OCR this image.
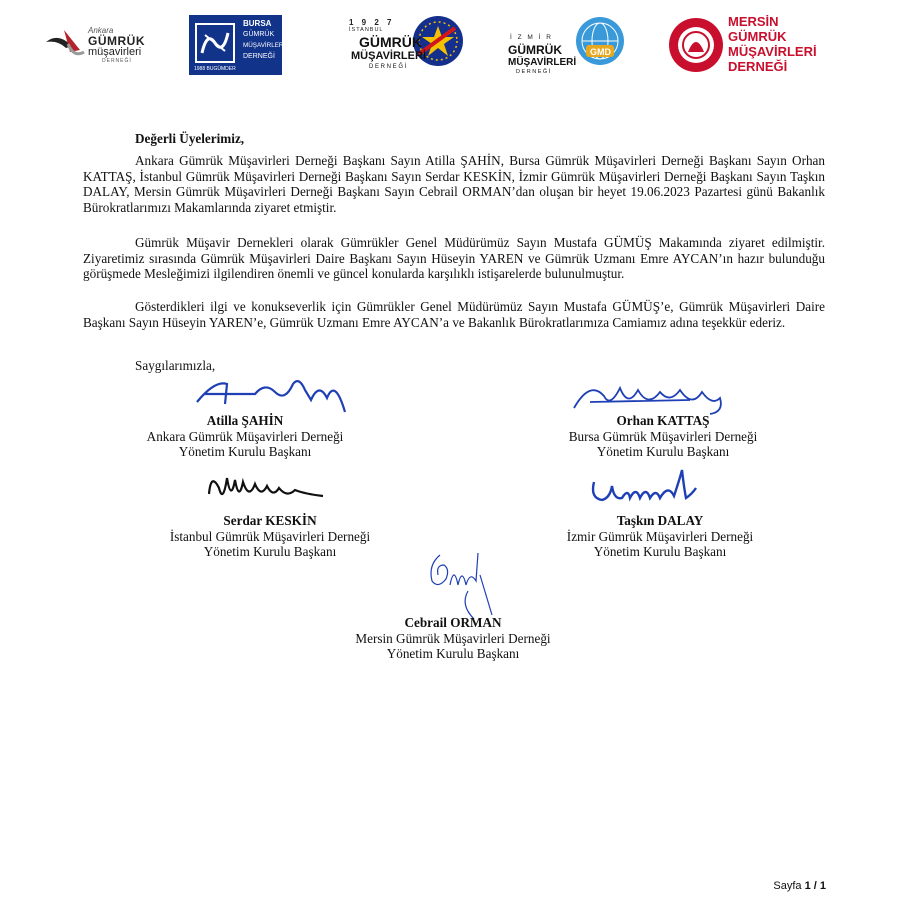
Ankara
GÜMRÜK
müşavirleri
DERNEĞİ
BURSA
GÜMRÜK
MÜŞAVİRLERİ
DERNEĞİ
1988 BUGÜMDER
1 9 2 7
İSTANBUL
GÜMRÜK
MÜŞAVİRLERİ
D E R N E Ğ İ
GMD
İ Z M İ R
GÜMRÜK
MÜŞAVİRLERİ
D E R N E Ğ İ
MERSİN
GÜMRÜK
MÜŞAVİRLERİ
DERNEĞİ
Değerli Üyelerimiz,

Ankara Gümrük Müşavirleri Derneği Başkanı Sayın Atilla ŞAHİN, Bursa Gümrük Müşavirleri Derneği Başkanı Sayın Orhan KATTAŞ, İstanbul Gümrük Müşavirleri Derneği Başkanı Sayın Serdar KESKİN, İzmir Gümrük Müşavirleri Derneği Başkanı Sayın Taşkın DALAY, Mersin Gümrük Müşavirleri Derneği Başkanı Sayın Cebrail ORMAN’dan oluşan bir heyet 19.06.2023 Pazartesi günü Bakanlık Bürokratlarımızı Makamlarında ziyaret etmiştir.

Gümrük Müşavir Dernekleri olarak Gümrükler Genel Müdürümüz Sayın Mustafa GÜMÜŞ Makamında ziyaret edilmiştir. Ziyaretimiz sırasında Gümrük Müşavirleri Daire Başkanı Sayın Hüseyin YAREN ve Gümrük Uzmanı Emre AYCAN’ın hazır bulunduğu görüşmede Mesleğimizi ilgilendiren önemli ve güncel konularda karşılıklı istişarelerde bulunulmuştur.

Gösterdikleri ilgi ve konukseverlik için Gümrükler Genel Müdürümüz Sayın Mustafa GÜMÜŞ’e, Gümrük Müşavirleri Daire Başkanı Sayın Hüseyin YAREN’e, Gümrük Uzmanı Emre AYCAN’a ve Bakanlık Bürokratlarımıza Camiamız adına teşekkür ederiz.

Saygılarımızla,
Atilla ŞAHİN
Ankara Gümrük Müşavirleri Derneği
Yönetim Kurulu Başkanı
Orhan KATTAŞ
Bursa Gümrük Müşavirleri Derneği
Yönetim Kurulu Başkanı
Serdar KESKİN
İstanbul Gümrük Müşavirleri Derneği
Yönetim Kurulu Başkanı
Taşkın DALAY
İzmir Gümrük Müşavirleri Derneği
Yönetim Kurulu Başkanı
Cebrail ORMAN
Mersin Gümrük Müşavirleri Derneği
Yönetim Kurulu Başkanı
Sayfa 1 / 1
